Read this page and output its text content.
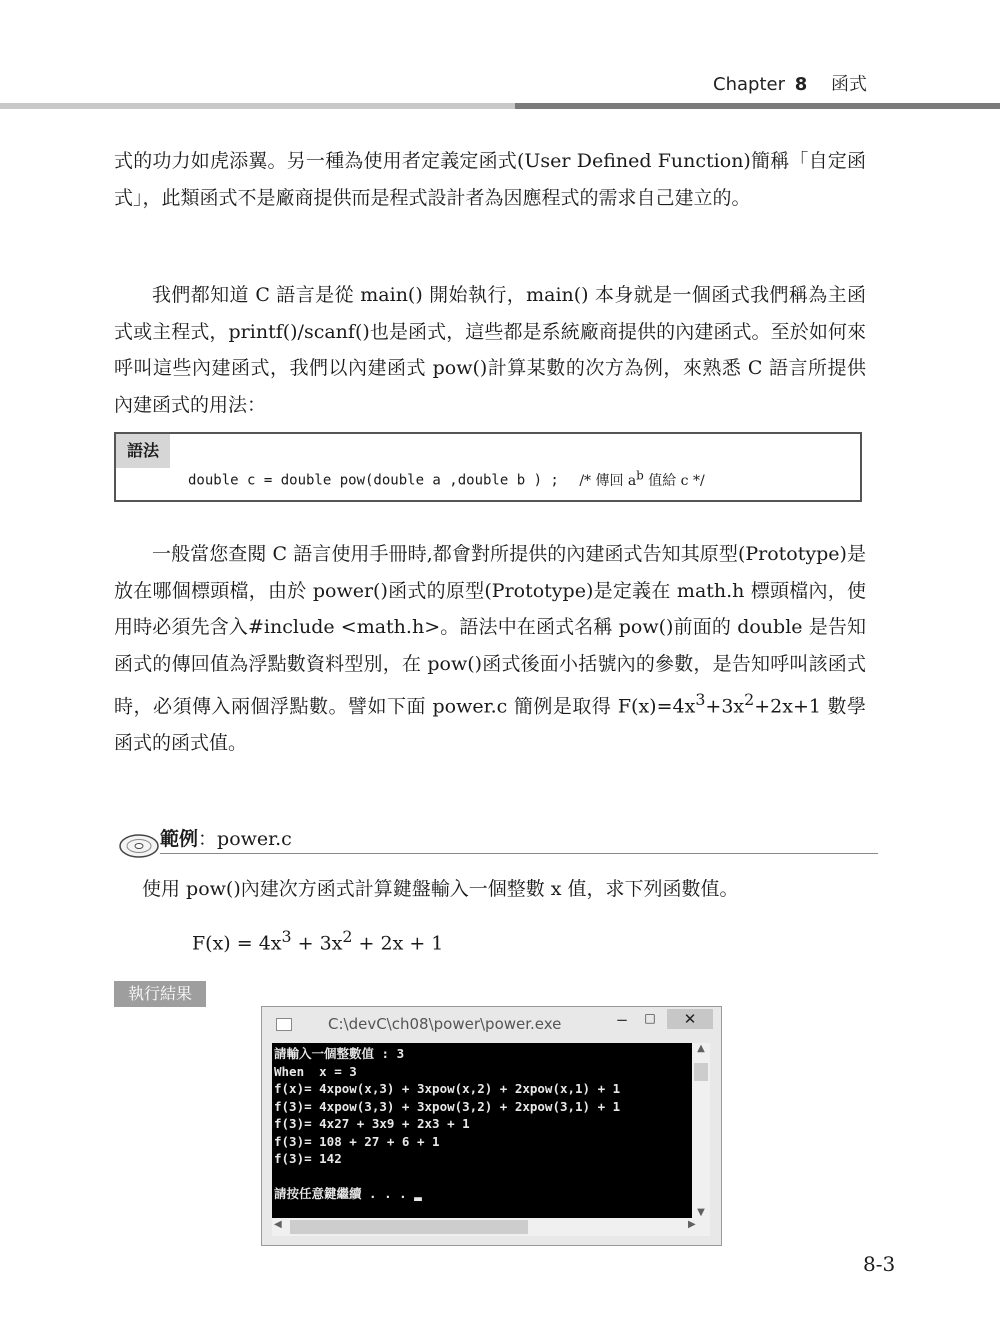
Chapter 8 函式

式的功力如虎添翼。另一種為使用者定義定函式(User Defined Function)簡稱「自定函式」，此類函式不是廠商提供而是程式設計者為因應程式的需求自己建立的。

我們都知道 C 語言是從 main() 開始執行，main() 本身就是一個函式我們稱為主函式或主程式，printf()/scanf()也是函式，這些都是系統廠商提供的內建函式。至於如何來呼叫這些內建函式，我們以內建函式 pow()計算某數的次方為例，來熟悉 C 語言所提供內建函式的用法：

語法
double c = double pow(double a ,double b ) ; /* 傳回 $a^b$ 值給 c */

一般當您查閱 C 語言使用手冊時,都會對所提供的內建函式告知其原型(Prototype)是放在哪個標頭檔，由於 power()函式的原型(Prototype)是定義在 math.h 標頭檔內，使用時必須先含入#include <math.h>。語法中在函式名稱 pow()前面的 double 是告知函式的傳回值為浮點數資料型別，在 pow()函式後面小括號內的參數，是告知呼叫該函式時，必須傳入兩個浮點數。譬如下面 power.c 簡例是取得 $F(x)=4x^3+3x^2+2x+1$ 數學函式的函式值。

範例：power.c
使用 pow()內建次方函式計算鍵盤輸入一個整數 x 值，求下列函數值。
$F(x) = 4x^3 + 3x^2 + 2x + 1$
執行結果
C:\devC\ch08\power\power.exe	−	□	✕
請輸入一個整數值 : 3
When  x = 3
f(x)= 4xpow(x,3) + 3xpow(x,2) + 2xpow(x,1) + 1
f(3)= 4xpow(3,3) + 3xpow(3,2) + 2xpow(3,1) + 1
f(3)= 4x27 + 3x9 + 2x3 + 1
f(3)= 108 + 27 + 6 + 1
f(3)= 142

請按任意鍵繼續 . . . ▂
▲
▼
◀	▶
8-3
